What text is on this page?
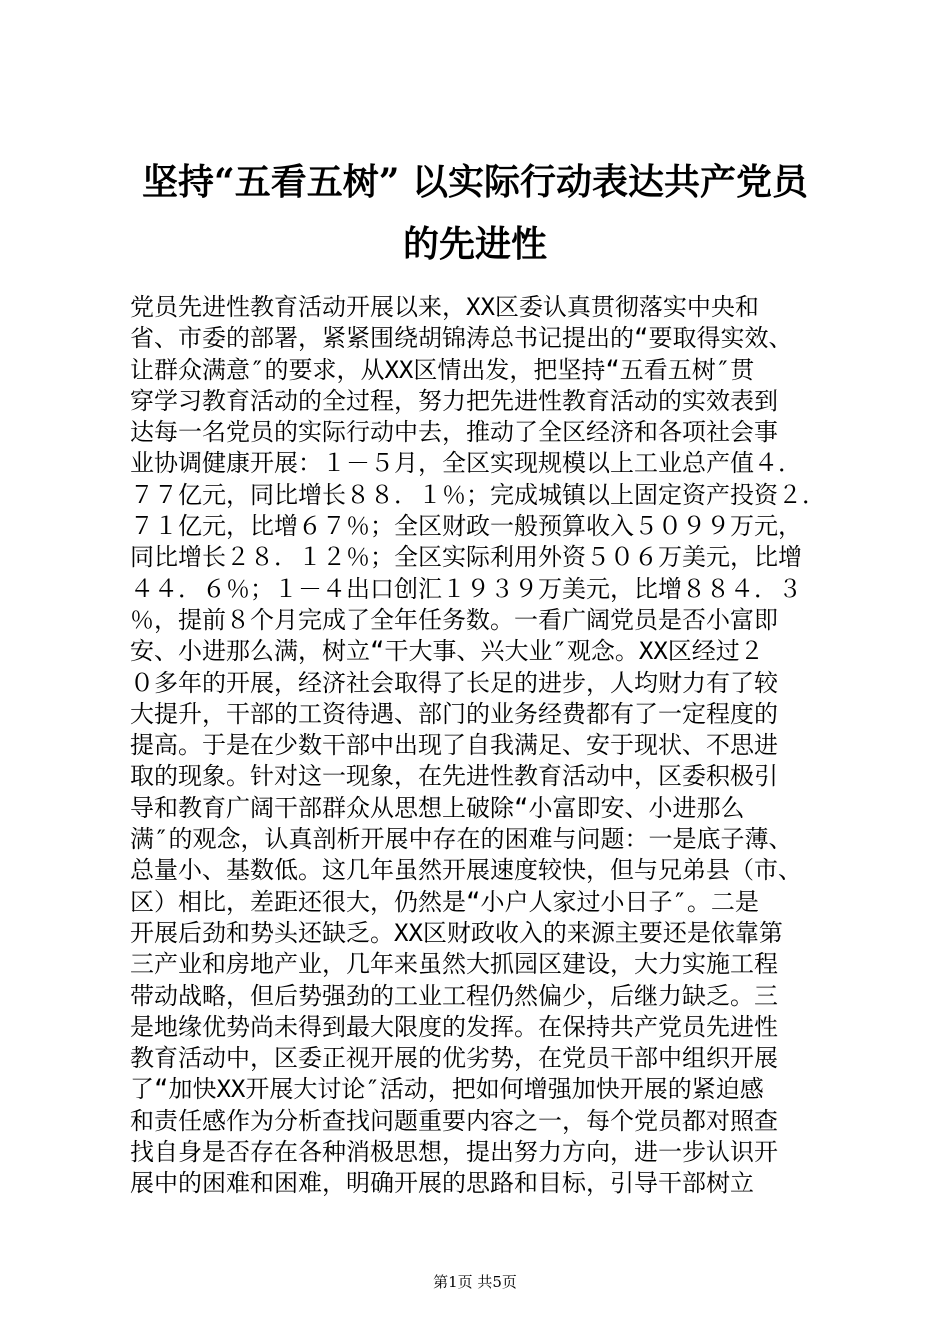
坚持“五看五树” 以实际行动表达共产党员
的先进性
党员先进性教育活动开展以来，XX区委认真贯彻落实中央和
省、市委的部署，紧紧围绕胡锦涛总书记提出的“要取得实效、
让群众满意″的要求，从XX区情出发，把坚持“五看五树″贯
穿学习教育活动的全过程，努力把先进性教育活动的实效表到
达每一名党员的实际行动中去，推动了全区经济和各项社会事
业协调健康开展：１－５月，全区实现规模以上工业总产值４．
７７亿元，同比增长８８．１％；完成城镇以上固定资产投资２．
７１亿元，比增６７％；全区财政一般预算收入５０９９万元，
同比增长２８．１２％；全区实际利用外资５０６万美元，比增
４４．６％；１－４出口创汇１９３９万美元，比增８８４．３
％，提前８个月完成了全年任务数。一看广阔党员是否小富即
安、小进那么满，树立“干大事、兴大业″观念。XX区经过２
０多年的开展，经济社会取得了长足的进步，人均财力有了较
大提升，干部的工资待遇、部门的业务经费都有了一定程度的
提高。于是在少数干部中出现了自我满足、安于现状、不思进
取的现象。针对这一现象，在先进性教育活动中，区委积极引
导和教育广阔干部群众从思想上破除“小富即安、小进那么
满″的观念，认真剖析开展中存在的困难与问题：一是底子薄、
总量小、基数低。这几年虽然开展速度较快，但与兄弟县（市、
区）相比，差距还很大，仍然是“小户人家过小日子″。二是
开展后劲和势头还缺乏。XX区财政收入的来源主要还是依靠第
三产业和房地产业，几年来虽然大抓园区建设，大力实施工程
带动战略，但后势强劲的工业工程仍然偏少，后继力缺乏。三
是地缘优势尚未得到最大限度的发挥。在保持共产党员先进性
教育活动中，区委正视开展的优劣势，在党员干部中组织开展
了“加快XX开展大讨论″活动，把如何增强加快开展的紧迫感
和责任感作为分析查找问题重要内容之一，每个党员都对照查
找自身是否存在各种消极思想，提出努力方向，进一步认识开
展中的困难和困难，明确开展的思路和目标，引导干部树立
第1页 共5页
